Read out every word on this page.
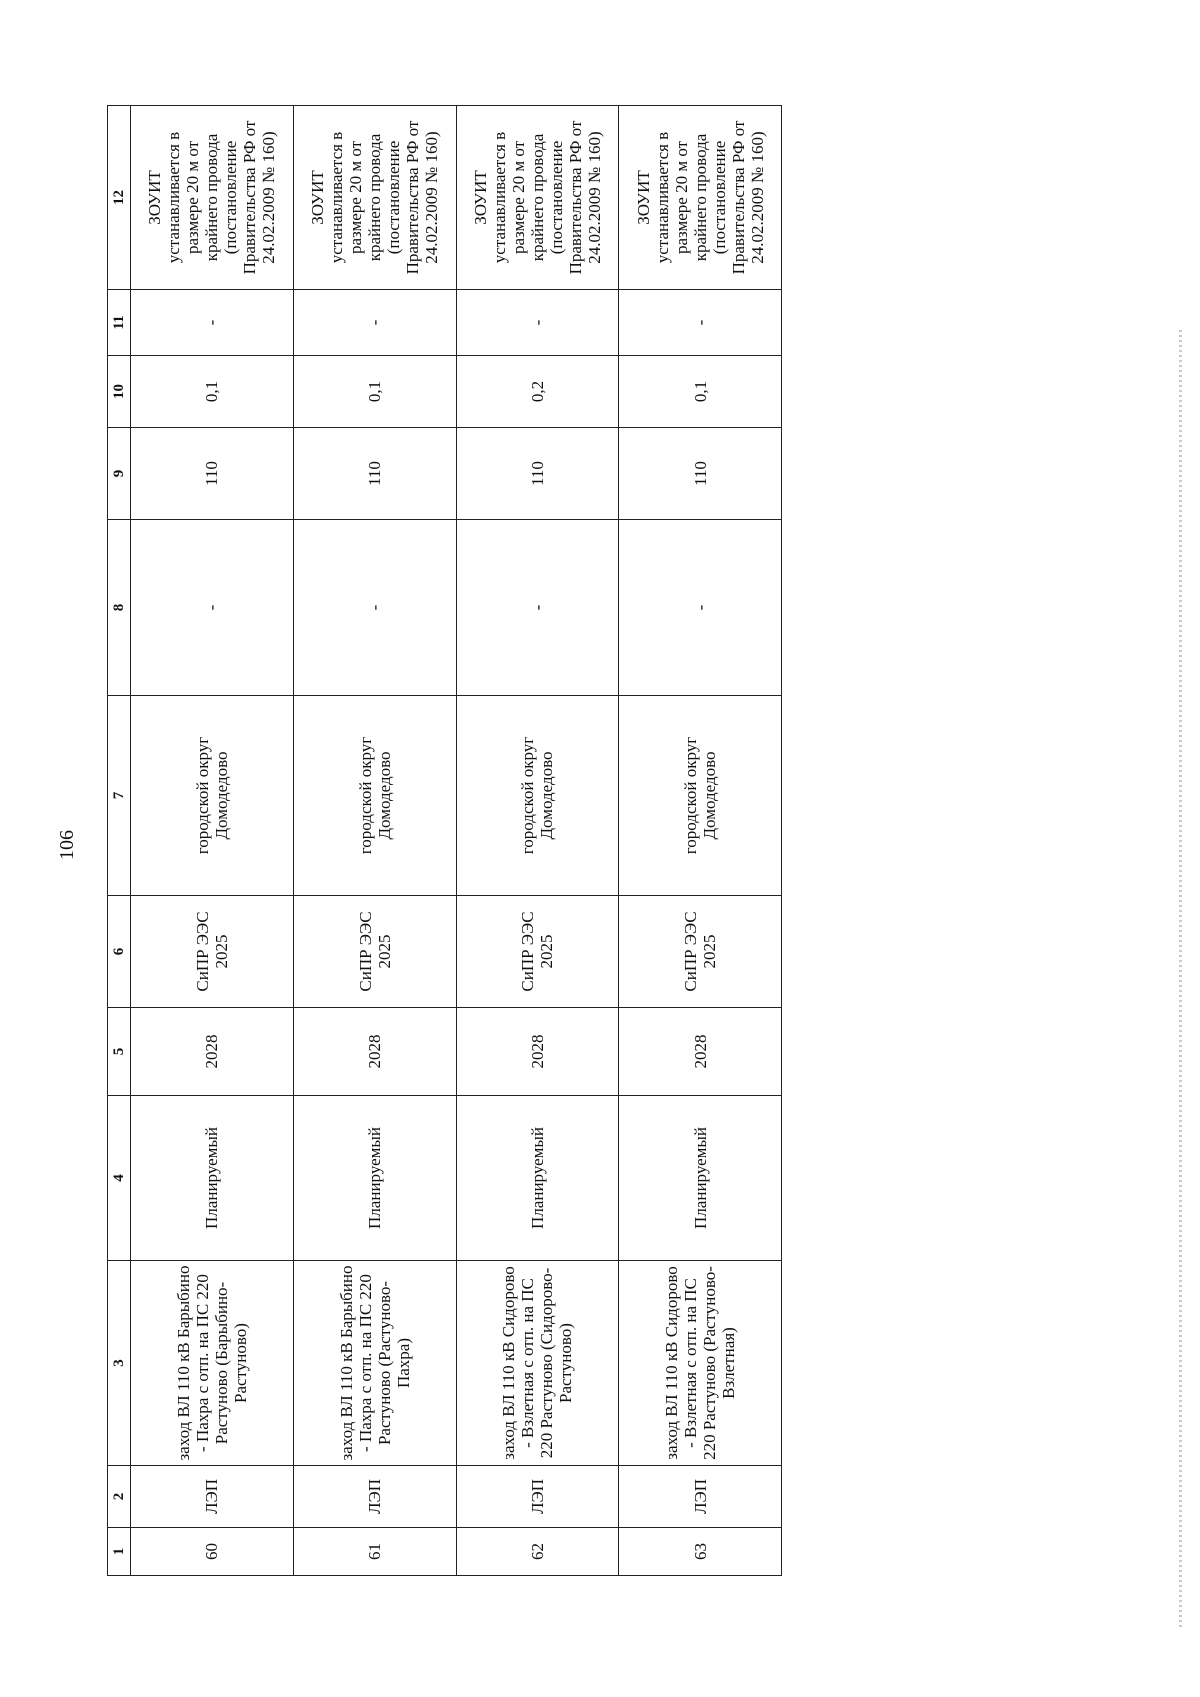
106
1	2	3	4	5	6	7	8	9	10	11	12
60	ЛЭП	заход ВЛ 110 кВ Барыбино - Пахра с отп. на ПС 220 Растуново (Барыбино-Растуново)	Планируемый	2028	СиПР ЭЭС 2025	городской округ Домодедово	-	110	0,1	-	ЗОУИТ устанавливается в размере 20 м от крайнего провода (постановление Правительства РФ от 24.02.2009 № 160)
61	ЛЭП	заход ВЛ 110 кВ Барыбино - Пахра с отп. на ПС 220 Растуново (Растуново-Пахра)	Планируемый	2028	СиПР ЭЭС 2025	городской округ Домодедово	-	110	0,1	-	ЗОУИТ устанавливается в размере 20 м от крайнего провода (постановление Правительства РФ от 24.02.2009 № 160)
62	ЛЭП	заход ВЛ 110 кВ Сидорово - Взлетная с отп. на ПС 220 Растуново (Сидорово-Растуново)	Планируемый	2028	СиПР ЭЭС 2025	городской округ Домодедово	-	110	0,2	-	ЗОУИТ устанавливается в размере 20 м от крайнего провода (постановление Правительства РФ от 24.02.2009 № 160)
63	ЛЭП	заход ВЛ 110 кВ Сидорово - Взлетная с отп. на ПС 220 Растуново (Растуново-Взлетная)	Планируемый	2028	СиПР ЭЭС 2025	городской округ Домодедово	-	110	0,1	-	ЗОУИТ устанавливается в размере 20 м от крайнего провода (постановление Правительства РФ от 24.02.2009 № 160)
